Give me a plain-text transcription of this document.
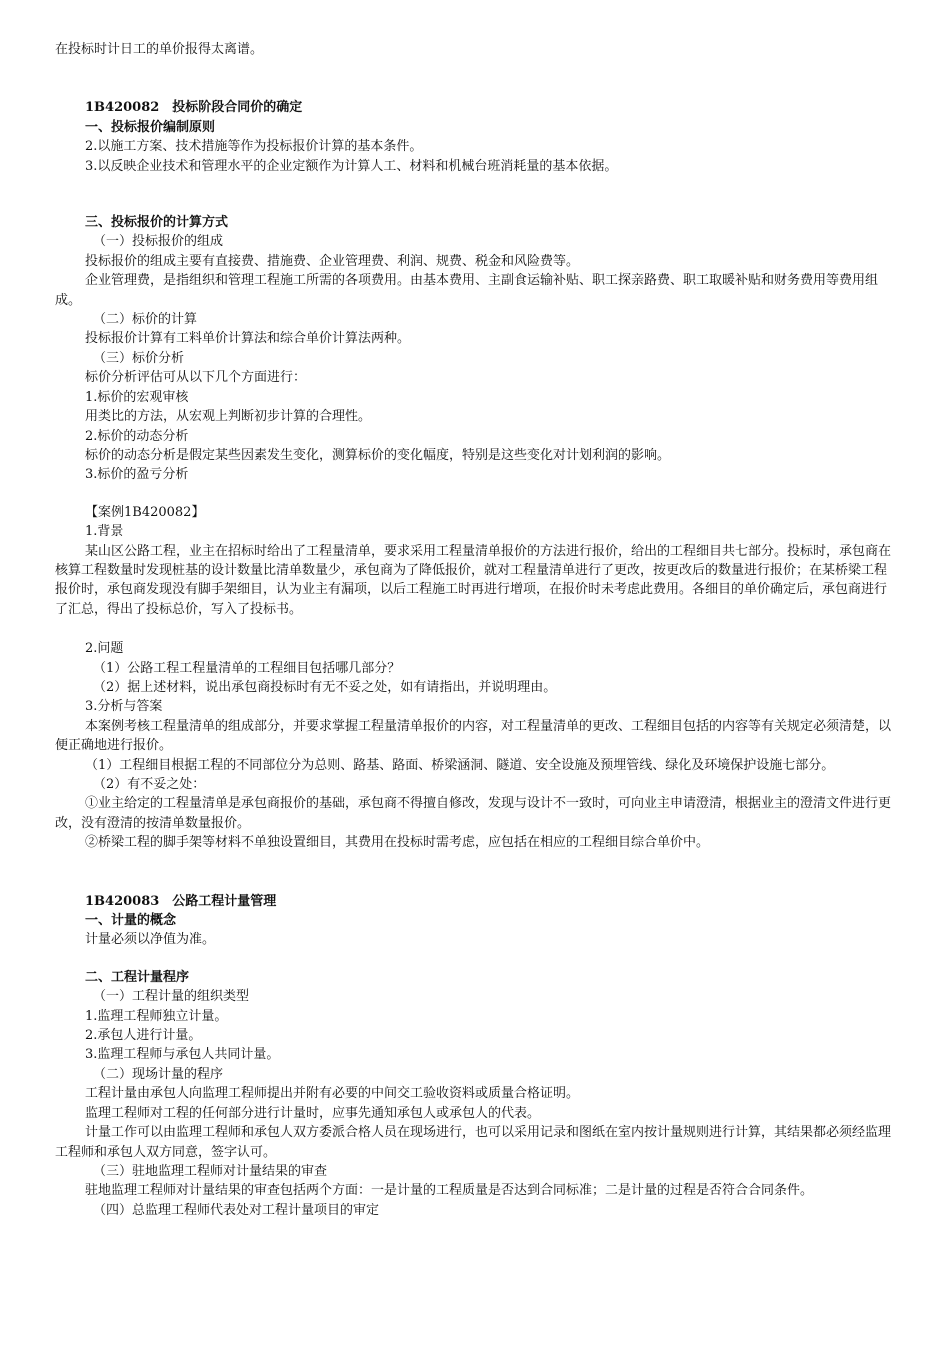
在投标时计日工的单价报得太离谱。
1B420082　投标阶段合同价的确定
一、投标报价编制原则
2.以施工方案、技术措施等作为投标报价计算的基本条件。
3.以反映企业技术和管理水平的企业定额作为计算人工、材料和机械台班消耗量的基本依据。
三、投标报价的计算方式
（一）投标报价的组成
投标报价的组成主要有直接费、措施费、企业管理费、利润、规费、税金和风险费等。
企业管理费，是指组织和管理工程施工所需的各项费用。由基本费用、主副食运输补贴、职工探亲路费、职工取暖补贴和财务费用等费用组成。
（二）标价的计算
投标报价计算有工料单价计算法和综合单价计算法两种。
（三）标价分析
标价分析评估可从以下几个方面进行：
1.标价的宏观审核
用类比的方法，从宏观上判断初步计算的合理性。
2.标价的动态分析
标价的动态分析是假定某些因素发生变化，测算标价的变化幅度，特别是这些变化对计划利润的影响。
3.标价的盈亏分析
【案例1B420082】
1.背景
某山区公路工程，业主在招标时给出了工程量清单，要求采用工程量清单报价的方法进行报价，给出的工程细目共七部分。投标时，承包商在核算工程数量时发现桩基的设计数量比清单数量少，承包商为了降低报价，就对工程量清单进行了更改，按更改后的数量进行报价；在某桥梁工程报价时，承包商发现没有脚手架细目，认为业主有漏项，以后工程施工时再进行增项，在报价时未考虑此费用。各细目的单价确定后，承包商进行了汇总，得出了投标总价，写入了投标书。
2.问题
（1）公路工程工程量清单的工程细目包括哪几部分？
（2）据上述材料，说出承包商投标时有无不妥之处，如有请指出，并说明理由。
3.分析与答案
本案例考核工程量清单的组成部分，并要求掌握工程量清单报价的内容，对工程量清单的更改、工程细目包括的内容等有关规定必须清楚，以便正确地进行报价。
（1）工程细目根据工程的不同部位分为总则、路基、路面、桥梁涵洞、隧道、安全设施及预埋管线、绿化及环境保护设施七部分。
（2）有不妥之处：
①业主给定的工程量清单是承包商报价的基础，承包商不得擅自修改，发现与设计不一致时，可向业主申请澄清，根据业主的澄清文件进行更改，没有澄清的按清单数量报价。
②桥梁工程的脚手架等材料不单独设置细目，其费用在投标时需考虑，应包括在相应的工程细目综合单价中。
1B420083　公路工程计量管理
一、计量的概念
计量必须以净值为准。
二、工程计量程序
（一）工程计量的组织类型
1.监理工程师独立计量。
2.承包人进行计量。
3.监理工程师与承包人共同计量。
（二）现场计量的程序
工程计量由承包人向监理工程师提出并附有必要的中间交工验收资料或质量合格证明。
监理工程师对工程的任何部分进行计量时，应事先通知承包人或承包人的代表。
计量工作可以由监理工程师和承包人双方委派合格人员在现场进行，也可以采用记录和图纸在室内按计量规则进行计算，其结果都必须经监理工程师和承包人双方同意，签字认可。
（三）驻地监理工程师对计量结果的审查
驻地监理工程师对计量结果的审查包括两个方面：一是计量的工程质量是否达到合同标准；二是计量的过程是否符合合同条件。
（四）总监理工程师代表处对工程计量项目的审定
